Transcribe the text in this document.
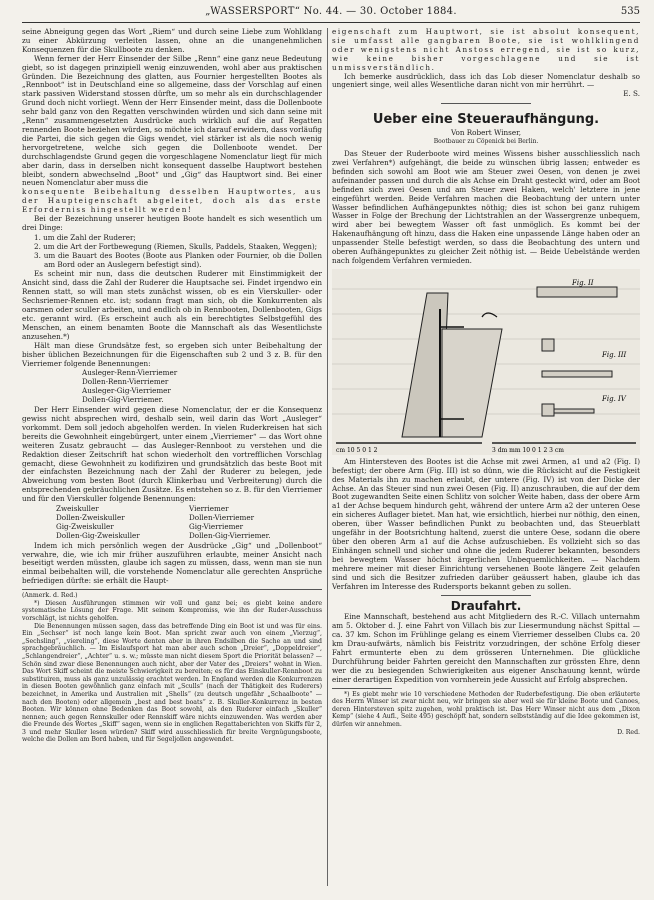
„WASSERSPORT“ No. 44. — 30. October 1884.	535

seine Abneigung gegen das Wort „Riem“ und durch seine Liebe zum Wohlklang zu einer Abkürzung verleiten lassen, ohne an die unangenehmlichen Konsequenzen für die Skullboote zu denken.

Wenn ferner der Herr Einsender der Silbe „Renn“ eine ganz neue Bedeutung giebt, so ist dagegen prinzipiell wenig einzuwenden, wohl aber aus praktischen Gründen. Die Bezeichnung des glatten, aus Fournier hergestellten Bootes als „Rennboot“ ist in Deutschland eine so allgemeine, dass der Vorschlag auf einen stark passiven Widerstand stossen dürfte, um so mehr als ein durchschlagender Grund doch nicht vorliegt. Wenn der Herr Einsender meint, dass die Dollenboote sehr bald ganz von den Regatten verschwinden würden und sich dann seine mit „Renn“ zusammengesetzten Ausdrücke auch wirklich auf die auf Regatten rennenden Boote beziehen würden, so möchte ich darauf erwidern, dass vorläufig die Partei, die sich gegen die Gigs wendet, viel stärker ist als die noch wenig hervorgetretene, welche sich gegen die Dollenboote wendet. Der durchschlagendste Grund gegen die vorgeschlagene Nomenclatur liegt für mich aber darin, dass in derselben nicht konsequent dasselbe Hauptwort bestehen bleibt, sondern abwechselnd „Boot“ und „Gig“ das Hauptwort sind. Bei einer neuen Nomenclatur aber muss die

konsequente Beibehaltung desselben Hauptwortes, aus der Haupteigenschaft abgeleitet, doch als das erste Erforderniss hingestellt werden!

Bei der Bezeichnung unserer heutigen Boote handelt es sich wesentlich um drei Dinge:

1. um die Zahl der Ruderer;
2. um die Art der Fortbewegung (Riemen, Skulls, Paddels, Staaken, Weggen);
3. um die Bauart des Bootes (Boote aus Planken oder Fournier, ob die Dollen am Bord oder an Auslegern befestigt sind).

Es scheint mir nun, dass die deutschen Ruderer mit Einstimmigkeit der Ansicht sind, dass die Zahl der Ruderer die Hauptsache sei. Findet irgendwo ein Rennen statt, so will man stets zunächst wissen, ob es ein Vierskuller- oder Sechsriemer-Rennen etc. ist; sodann fragt man sich, ob die Konkurrenten als oarsmen oder sculler arbeiten, und endlich ob in Rennbooten, Dollenbooten, Gigs etc. gerannt wird. (Es erscheint auch als ein berechtigtes Selbstgefühl des Menschen, an einem benamten Boote die Mannschaft als das Wesentlichste anzusehen.*)

Hält man diese Grundsätze fest, so ergeben sich unter Beibehaltung der bisher üblichen Bezeichnungen für die Eigenschaften sub 2 und 3 z. B. für den Vierriemer folgende Benennungen:

Ausleger-Renn-Vierriemer
Dollen-Renn-Vierriemer
Ausleger-Gig-Vierriemer
Dollen-Gig-Vierriemer.

Der Herr Einsender wird gegen diese Nomenclatur, der er die Konsequenz gewiss nicht absprechen wird, deshalb sein, weil darin das Wort „Ausleger“ vorkommt. Dem soll jedoch abgeholfen werden. In vielen Ruderkreisen hat sich bereits die Gewohnheit eingebürgert, unter einem „Vierriemer“ — das Wort ohne weiteren Zusatz gebraucht — das Ausleger-Rennboot zu verstehen und die Redaktion dieser Zeitschrift hat schon wiederholt den vortrefflichen Vorschlag gemacht, diese Gewohnheit zu kodifiziren und grundsätzlich das beste Boot mit der einfachsten Bezeichnung nach der Zahl der Ruderer zu belegen, jede Abweichung vom besten Boot (durch Klinkerbau und Verbreiterung) durch die entsprechenden gebräuchlichen Zusätze. Es entstehen so z. B. für den Vierriemer und für den Vierskuller folgende Benennungen:

Zweiskuller	Vierriemer
Dollen-Zweiskuller	Dollen-Vierriemer
Gig-Zweiskuller	Gig-Vierriemer
Dollen-Gig-Zweiskuller	Dollen-Gig-Vierriemer.

Indem ich mich persönlich wegen der Ausdrücke „Gig“ und „Dollenboot“ verwahre, die, wie ich mir früher auszuführen erlaubte, meiner Ansicht nach beseitigt werden müssten, glaube ich sagen zu müssen, dass, wenn man sie nun einmal beibehalten will, die vorstehende Nomenclatur alle gerechten Ansprüche befriedigen dürfte: sie erhält die Haupt-

(Anmerk. d. Red.)

*) Diesen Ausführungen stimmen wir voll und ganz bei; es giebt keine andere systematische Lösung der Frage. Mit seinem Kompromiss, wie ihn der Ruder-Ausschuss vorschlägt, ist nichts geholfen.

Die Benennungen müssen sagen, dass das betreffende Ding ein Boot ist und was für eins. Ein „Sechser“ ist noch lange kein Boot. Man spricht zwar auch von einem „Vierzug“, „Sechsling“, „viereling“, diese Worte denten aber in ihren Endsilben die Sache an und sind sprachgebräuchlich. — Im Eislaufsport hat man aber auch schon „Dreier“, „Doppeldreier“, „Schlangendreier“, „Achter“ u. s. w.; müsste man nicht diesem Sport die Priorität belassen? — Schön sind zwar diese Benennungen auch nicht, aber der Vater des „Dreiers“ wohnt in Wien. Das Wort Skiff scheint die meiste Schwierigkeit zu bereiten; es für das Einskuller-Rennboot zu substituiren, muss als ganz unzulässig erachtet werden. In England werden die Konkurrenzen in diesen Booten gewöhnlich ganz einfach mit „Sculls“ (nach der Thätigkeit des Ruderers) bezeichnet, in Amerika und Australien mit „Shells“ (zu deutsch ungefähr „Schaalboote“ — nach den Booten) oder allgemein „best and best boats“ z. B. Skuller-Konkurrenz in besten Booten. Wir können ohne Bedenken das Boot sowohl, als den Ruderer einfach „Skuller“ nennen; auch gegen Rennskuller oder Rennskiff wäre nichts einzuwenden. Was werden aber die Freunde des Wortes „Skiff“ sagen, wenn sie in englichen Regattaberichten von Skiffs für 2, 3 und mehr Skuller lesen würden? Skiff wird ausschliesslich für breite Vergnügungsboote, welche die Dollen am Bord haben, und für Segeljollen angewendet.

eigenschaft zum Hauptwort, sie ist absolut konsequent, sie umfasst alle gangbaren Boote, sie ist wohlklingend oder wenigstens nicht Anstoss erregend, sie ist so kurz, wie keine bisher vorgeschlagene und sie ist unmissverständlich.

Ich bemerke ausdrücklich, dass ich das Lob dieser Nomenclatur deshalb so ungeniert singe, weil alles Wesentliche daran nicht von mir herrührt. —

E. S.
Ueber eine Steueraufhängung.
Von Robert Winser,
Bootbauer zu Cöpenick bei Berlin.

Das Steuer der Ruderboote wird meines Wissens bisher ausschliesslich nach zwei Verfahren*) aufgehängt, die beide zu wünschen übrig lassen; entweder es befinden sich sowohl am Boot wie am Steuer zwei Oesen, von denen je zwei aufeinander passen und durch die als Achse ein Draht gesteckt wird, oder am Boot befinden sich zwei Oesen und am Steuer zwei Haken, welch' letztere in jene eingeführt werden. Beide Verfahren machen die Beobachtung der untern unter Wasser befindlichen Aufhängepunktes nöthig; dies ist schon bei ganz ruhigem Wasser in Folge der Brechung der Lichtstrahlen an der Wassergrenze unbequem, wird aber bei bewegtem Wasser oft fast unmöglich. Es kommt bei der Hakenaufhängung oft hinzu, dass die Haken eine unpassende Länge haben oder an unpassender Stelle befestigt werden, so dass die Beobachtung des untern und oberen Aufhängepunktes zu gleicher Zeit nöthig ist. — Beide Uebelstände werden nach folgendem Verfahren vermieden.

Fig. II
Fig. III
Fig. IV
cm 10 5 0 1 2	3 dm mm 10 0 1 2 3 cm

Am Hintersteven des Bootes ist die Achse mit zwei Armen, a1 und a2 (Fig. I) befestigt; der obere Arm (Fig. III) ist so dünn, wie die Rücksicht auf die Festigkeit des Materials ihn zu machen erlaubt, der untere (Fig. IV) ist von der Dicke der Achse. An das Steuer sind nun zwei Oesen (Fig. II) anzuschrauben, die auf der dem Boot zugewandten Seite einen Schlitz von solcher Weite haben, dass der obere Arm a1 der Achse bequem hindurch geht, während der untere Arm a2 der unteren Oese ein sicheres Auflager bietet. Man hat, wie ersichtlich, hierbei nur nöthig, den einen, oberen, über Wasser befindlichen Punkt zu beobachten und, das Steuerblatt ungefähr in der Bootsrichtung haltend, zuerst die untere Oese, sodann die obere über den oberen Arm a1 auf die Achse aufzuschieben. Es vollzieht sich so das Einhängen schnell und sicher und ohne die jedem Ruderer bekannten, besonders bei bewegtem Wasser höchst ärgerlichen Unbequemlichkeiten. — Nachdem mehrere meiner mit dieser Einrichtung versehenen Boote längere Zeit gelaufen sind und sich die Besitzer zufrieden darüber geäussert haben, glaube ich das Verfahren im Interesse des Rudersports bekannt geben zu sollen.

Draufahrt.

Eine Mannschaft, bestehend aus acht Mitgliedern des R.-C. Villach unternahm am 5. Oktober d. J. eine Fahrt von Villach bis zur Liesermundung nächst Spittal — ca. 37 km. Schon im Frühlinge gelang es einem Vierriemer desselben Clubs ca. 20 km Drau-aufwärts, nämlich bis Feistritz vorzudringen, der schöne Erfolg dieser Fahrt ermunterte eben zu dem grösseren Unternehmen. Die glückliche Durchführung beider Fahrten gereicht den Mannschaften zur grössten Ehre, denn wer die zu besiegenden Schwierigkeiten aus eigener Anschauung kennt, würde einer derartigen Expedition von vornherein jede Aussicht auf Erfolg absprechen.

*) Es giebt mehr wie 10 verschiedene Methoden der Ruderbefestigung. Die oben erläuterte des Herrn Winser ist zwar nicht neu, wir bringen sie aber weil sie für kleine Boote und Canoes, deren Hintersteven spitz zugehen, wohl praktisch ist. Das Herr Winser nicht aus dem „Dixon Kemp“ (siehe 4 Aufl., Seite 495) geschöpft hat, sondern selbstständig auf die Idee gekommen ist, dürfen wir annehmen.

D. Red.
